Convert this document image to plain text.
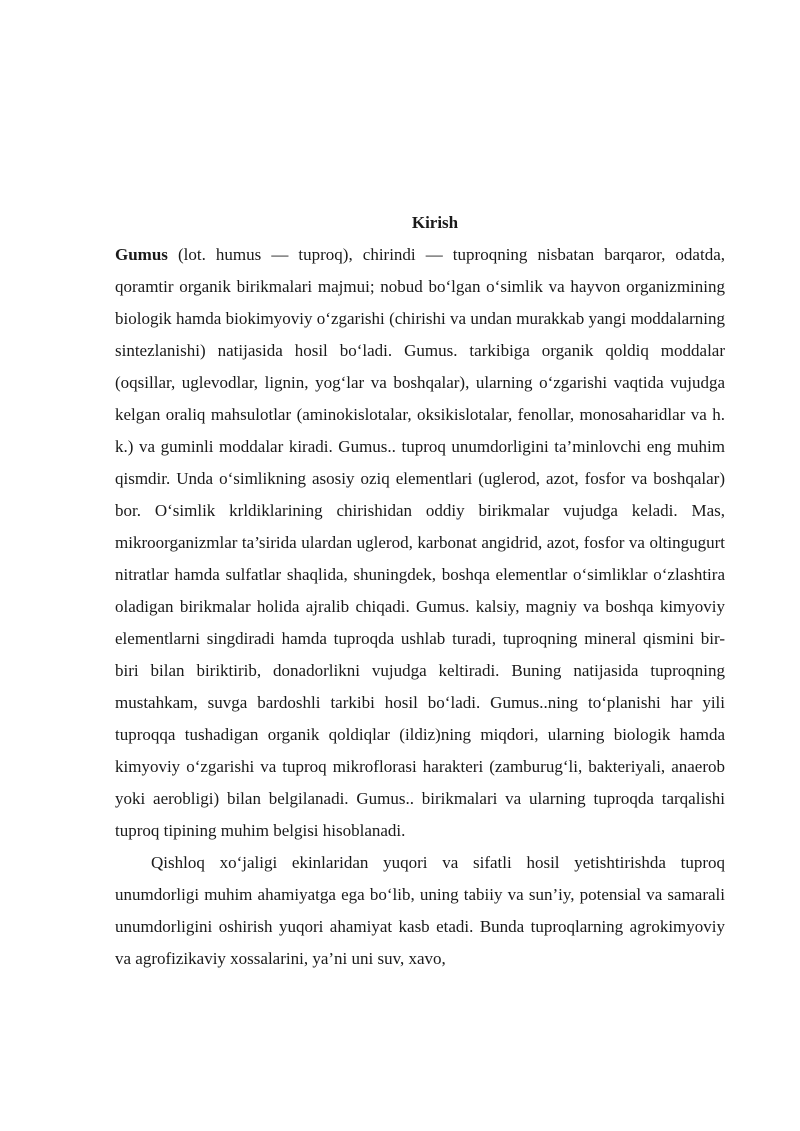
Kirish

Gumus (lot. humus — tuproq), chirindi — tuproqning nisbatan barqaror, odatda, qoramtir organik birikmalari majmui; nobud bo‘lgan o‘simlik va hayvon organizmining biologik hamda biokimyoviy o‘zgarishi (chirishi va undan murakkab yangi moddalarning sintezlanishi) natijasida hosil bo‘ladi. Gumus. tarkibiga organik qoldiq moddalar (oqsillar, uglevodlar, lignin, yog‘lar va boshqalar), ularning o‘zgarishi vaqtida vujudga kelgan oraliq mahsulotlar (aminokislotalar, oksikislotalar, fenollar, monosaharidlar va h. k.) va guminli moddalar kiradi. Gumus.. tuproq unumdorligini ta’minlovchi eng muhim qismdir. Unda o‘simlikning asosiy oziq elementlari (uglerod, azot, fosfor va boshqalar) bor. O‘simlik krldiklarining chirishidan oddiy birikmalar vujudga keladi. Mas, mikroorganizmlar ta’sirida ulardan uglerod, karbonat angidrid, azot, fosfor va oltingugurt nitratlar hamda sulfatlar shaqlida, shuningdek, boshqa elementlar o‘simliklar o‘zlashtira oladigan birikmalar holida ajralib chiqadi. Gumus. kalsiy, magniy va boshqa kimyoviy elementlarni singdiradi hamda tuproqda ushlab turadi, tuproqning mineral qismini bir-biri bilan biriktirib, donadorlikni vujudga keltiradi. Buning natijasida tuproqning mustahkam, suvga bardoshli tarkibi hosil bo‘ladi. Gumus..ning to‘planishi har yili tuproqqa tushadigan organik qoldiqlar (ildiz)ning miqdori, ularning biologik hamda kimyoviy o‘zgarishi va tuproq mikroflorasi harakteri (zamburug‘li, bakteriyali, anaerob yoki aerobligi) bilan belgilanadi. Gumus.. birikmalari va ularning tuproqda tarqalishi tuproq tipining muhim belgisi hisoblanadi.

Qishloq xo‘jaligi ekinlaridan yuqori va sifatli hosil yetishtirishda tuproq unumdorligi muhim ahamiyatga ega bo‘lib, uning tabiiy va sun’iy, potensial va samarali unumdorligini oshirish yuqori ahamiyat kasb etadi. Bunda tuproqlarning agrokimyoviy va agrofizikaviy xossalarini, ya’ni uni suv, xavo,
